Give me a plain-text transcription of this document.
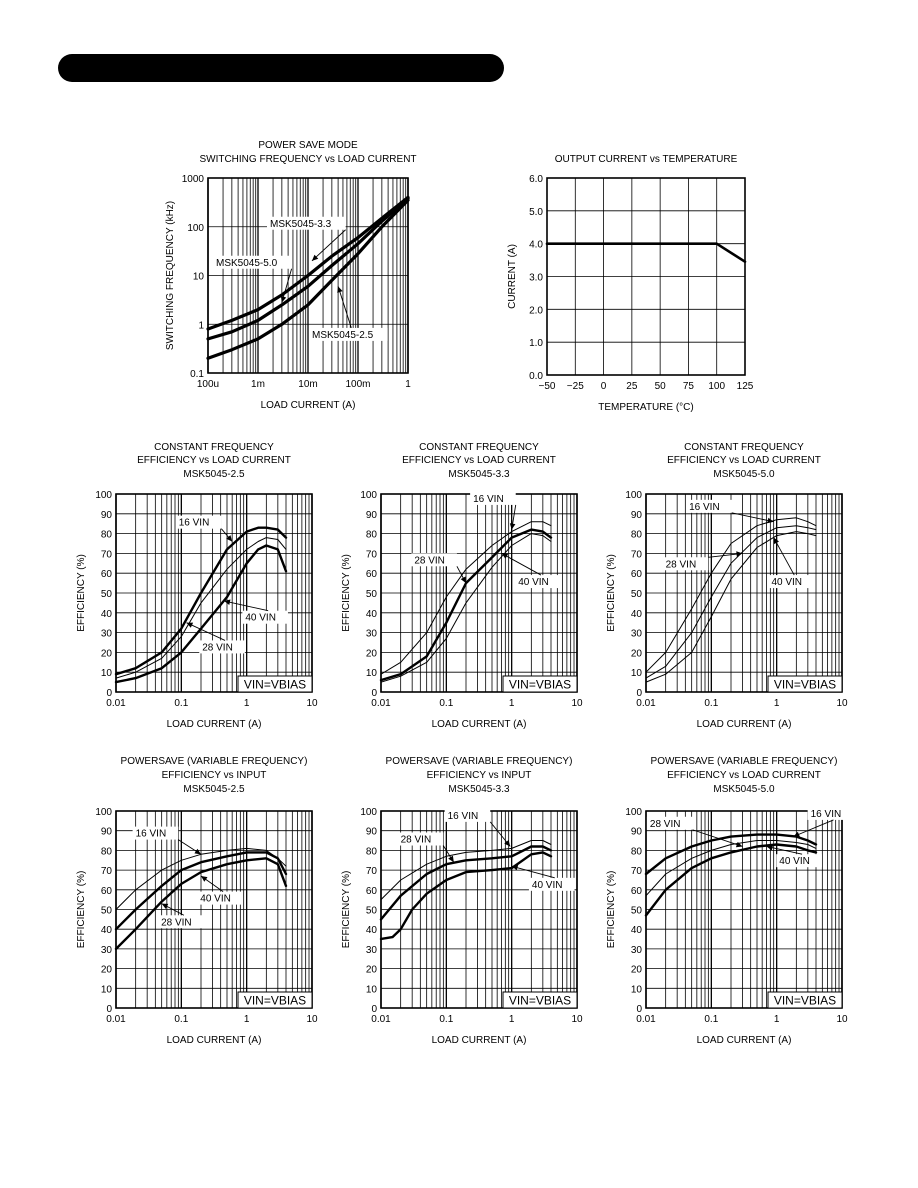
POWER SAVE MODE
SWITCHING FREQUENCY vs LOAD CURRENT
100u	1m	10m	100m	1
0.1
1
10
100
1000
LOAD CURRENT (A)
SWITCHING FREQUENCY (kHz)	MSK5045-3.3
MSK5045-5.0
MSK5045-2.5
OUTPUT CURRENT vs TEMPERATURE
−50 −25 0 25 50 75 100 125
0.0
1.0
2.0
3.0
4.0
5.0
6.0
TEMPERATURE (°C)
CURRENT (A)
CONSTANT FREQUENCY
EFFICIENCY vs LOAD CURRENT
MSK5045-2.5
0.01	0.1	1	10
0
10
20
30
40
50
60
70
80
90
100
LOAD CURRENT (A)
EFFICIENCY (%)
VIN=VBIAS
16 VIN
28 VIN
40 VIN
CONSTANT FREQUENCY
EFFICIENCY vs LOAD CURRENT
MSK5045-3.3
0.01	0.1	1	10
0
10
20
30
40
50
60
70
80
90
100
LOAD CURRENT (A)
EFFICIENCY (%)
VIN=VBIAS
16 VIN
28 VIN
40 VIN
CONSTANT FREQUENCY
EFFICIENCY vs LOAD CURRENT
MSK5045-5.0
0.01	0.1	1	10
0
10
20
30
40
50
60
70
80
90
100
LOAD CURRENT (A)
EFFICIENCY (%)
VIN=VBIAS
16 VIN
28 VIN
40 VIN
POWERSAVE (VARIABLE FREQUENCY)
EFFICIENCY vs INPUT
MSK5045-2.5
0.01	0.1	1	10
0
10
20
30
40
50
60
70
80
90
100
LOAD CURRENT (A)
EFFICIENCY (%)
VIN=VBIAS
16 VIN
40 VIN
28 VIN
POWERSAVE (VARIABLE FREQUENCY)
EFFICIENCY vs INPUT
MSK5045-3.3
0.01	0.1	1	10
0
10
20
30
40
50
60
70
80
90
100
LOAD CURRENT (A)
EFFICIENCY (%)
VIN=VBIAS
16 VIN
28 VIN
40 VIN
POWERSAVE (VARIABLE FREQUENCY)
EFFICIENCY vs LOAD CURRENT
MSK5045-5.0
0.01	0.1	1	10
0
10
20
30
40
50
60
70
80
90
100
LOAD CURRENT (A)
EFFICIENCY (%)
VIN=VBIAS
16 VIN
28 VIN
40 VIN
